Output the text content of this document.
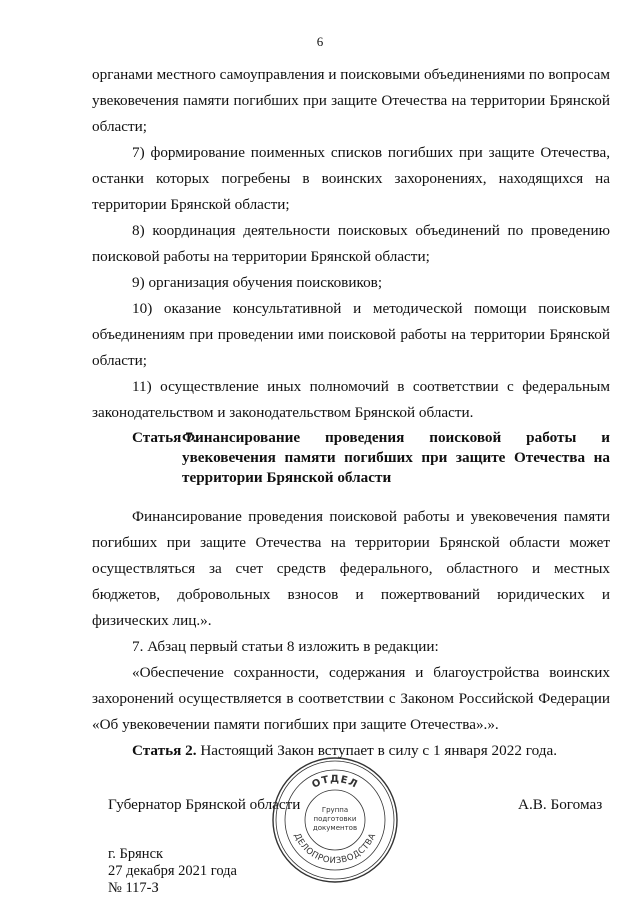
6

органами местного самоуправления и поисковыми объединениями по вопросам увековечения памяти погибших при защите Отечества на территории Брянской области;

7) формирование поименных списков погибших при защите Отечества, останки которых погребены в воинских захоронениях, находящихся на территории Брянской области;

8) координация деятельности поисковых объединений по проведению поисковой работы на территории Брянской области;

9) организация обучения поисковиков;

10) оказание консультативной и методической помощи поисковым объединениям при проведении ими поисковой работы на территории Брянской области;

11) осуществление иных полномочий в соответствии с федеральным законодательством и законодательством Брянской области.

Статья 7.
Финансирование проведения поисковой работы и увековечения памяти погибших при защите Отечества на территории Брянской области

Финансирование проведения поисковой работы и увековечения памяти погибших при защите Отечества на территории Брянской области может осуществляться за счет средств федерального, областного и местных бюджетов, добровольных взносов и пожертвований юридических и физических лиц.».

7. Абзац первый статьи 8 изложить в редакции:

«Обеспечение сохранности, содержания и благоустройства воинских захоронений осуществляется в соответствии с Законом Российской Федерации «Об увековечении памяти погибших при защите Отечества».».

Статья 2. Настоящий Закон вступает в силу с 1 января 2022 года.

Губернатор Брянской области	А.В. Богомаз
г. Брянск
27 декабря 2021 года
№ 117-З
ОТДЕЛ
ДЕЛОПРОИЗВОДСТВА
Группа
подготовки
документов
